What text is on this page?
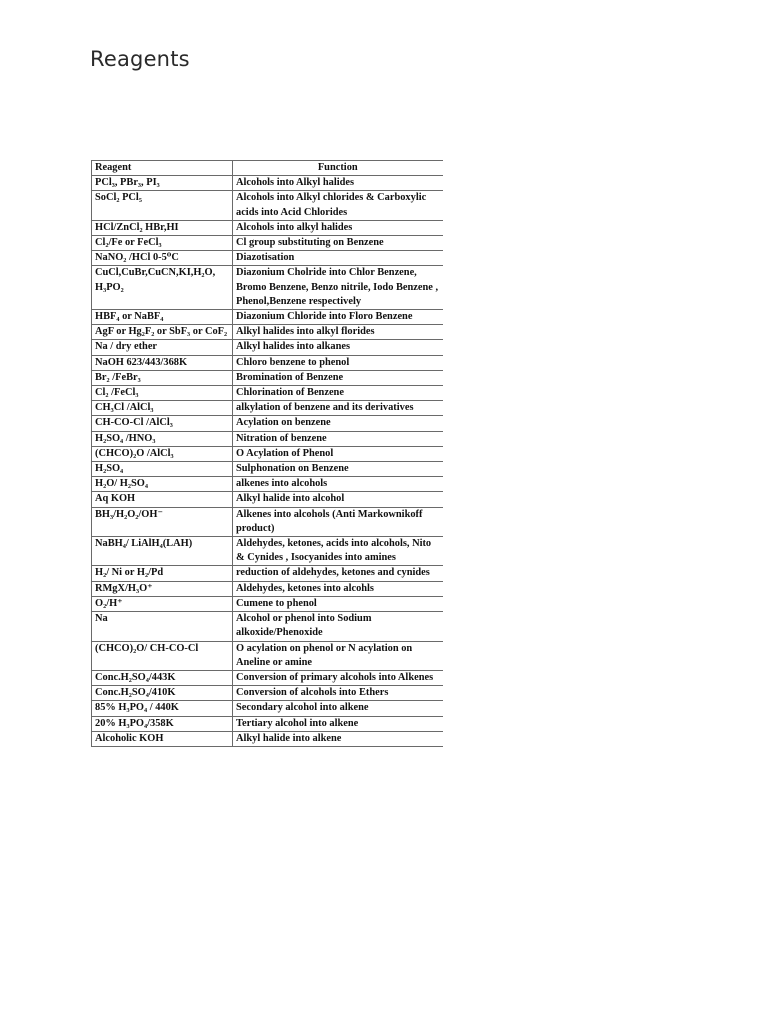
Reagents
Reagent	Function
PCl₃, PBr₃, PI₃	Alcohols into Alkyl halides
SoCl₂ PCl₅	Alcohols into Alkyl chlorides & Carboxylic acids into Acid Chlorides
HCl/ZnCl₂ HBr,HI	Alcohols into alkyl halides
Cl₂/Fe or FeCl₃	Cl group substituting on Benzene
NaNO₂ /HCl 0-5⁰C	Diazotisation
CuCl,CuBr,CuCN,KI,H₂O, H₃PO₂	Diazonium Cholride into Chlor Benzene, Bromo Benzene, Benzo nitrile, Iodo Benzene , Phenol,Benzene respectively
HBF₄ or NaBF₄	Diazonium Chloride into Floro Benzene
AgF or Hg₂F₂ or SbF₃ or CoF₂	Alkyl halides into alkyl florides
Na / dry ether	Alkyl halides into alkanes
NaOH 623/443/368K	Chloro benzene to phenol
Br₂ /FeBr₃	Bromination of Benzene
Cl₂ /FeCl₃	Chlorination of Benzene
CH₃Cl /AlCl₃	alkylation of benzene and its derivatives
CH-CO-Cl /AlCl₃	Acylation on benzene
H₂SO₄ /HNO₃	Nitration of benzene
(CHCO)₂O /AlCl₃	O Acylation of Phenol
H₂SO₄	Sulphonation on Benzene
H₂O/ H₂SO₄	alkenes into alcohols
Aq KOH	Alkyl halide into alcohol
BH₃/H₂O₂/OH⁻	Alkenes into alcohols (Anti Markownikoff product)
NaBH₄/ LiAlH₄(LAH)	Aldehydes, ketones, acids into alcohols, Nito & Cynides , Isocyanides into amines
H₂/ Ni or H₂/Pd	reduction of aldehydes, ketones and cynides
RMgX/H₃O⁺	Aldehydes, ketones into alcohls
O₂/H⁺	Cumene to phenol
Na	Alcohol or phenol into Sodium alkoxide/Phenoxide
(CHCO)₂O/ CH-CO-Cl	O acylation on phenol or N acylation on Aneline or amine
Conc.H₂SO₄/443K	Conversion of primary alcohols into Alkenes
Conc.H₂SO₄/410K	Conversion of alcohols into Ethers
85% H₃PO₄ / 440K	Secondary alcohol into alkene
20% H₃PO₄/358K	Tertiary alcohol into alkene
Alcoholic KOH	Alkyl halide into alkene
